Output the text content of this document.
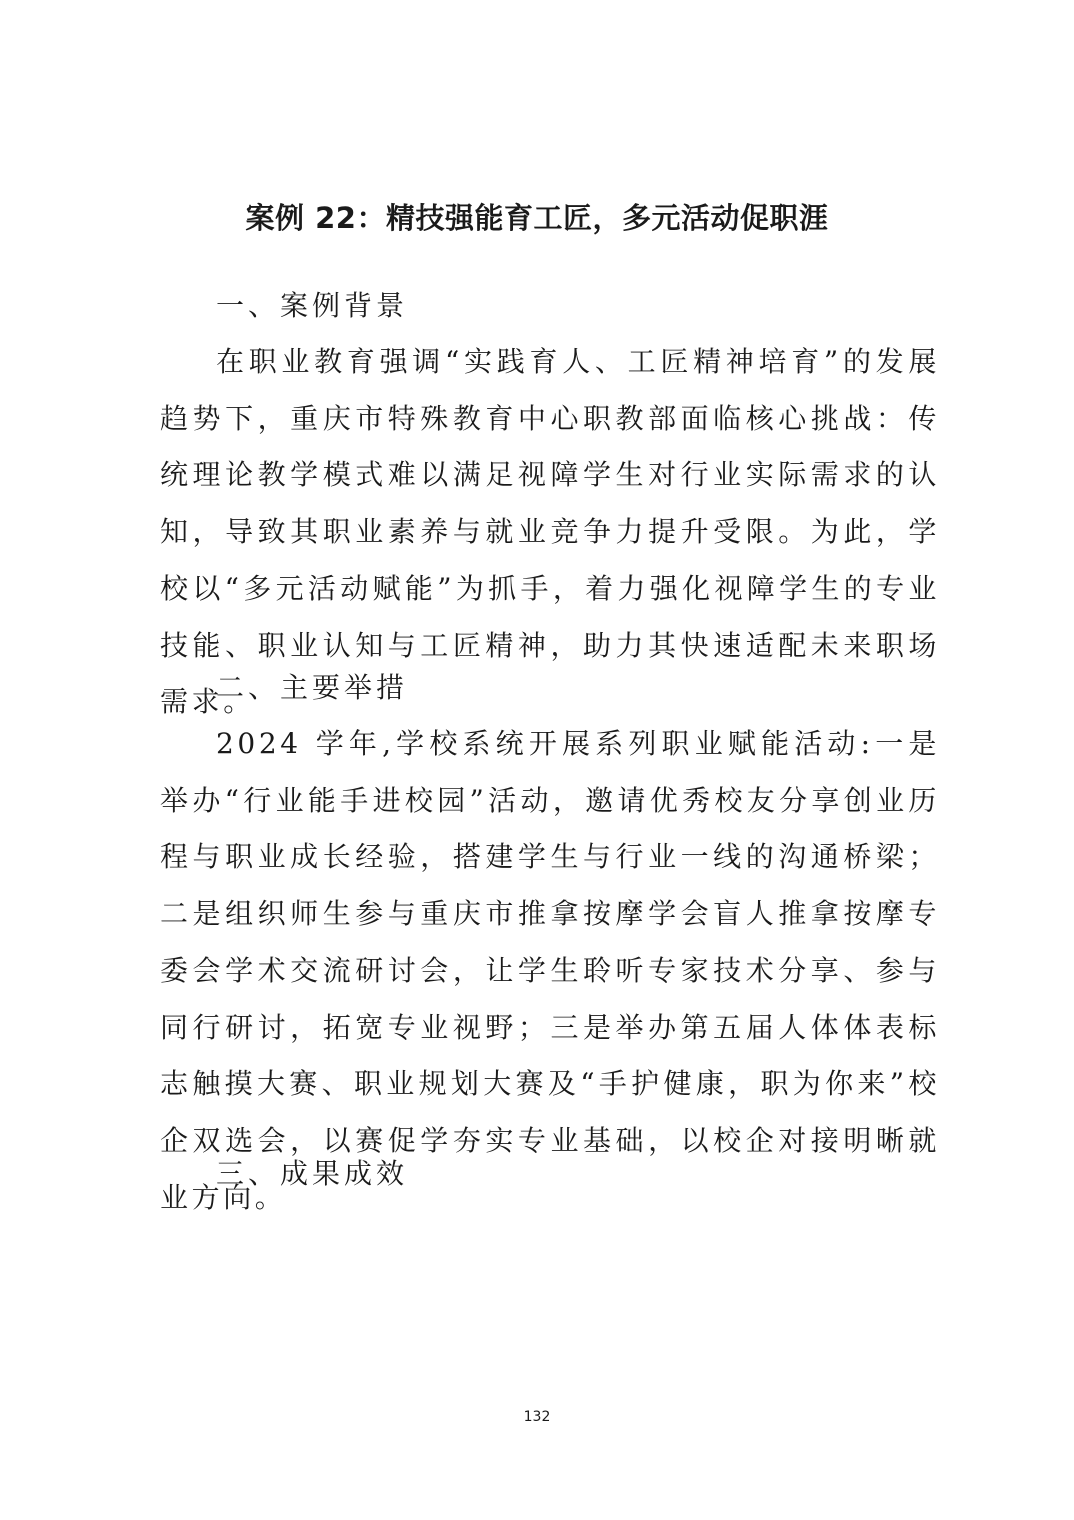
案例 22：精技强能育工匠，多元活动促职涯
一、案例背景
在职业教育强调“实践育人、工匠精神培育”的发展趋势下，重庆市特殊教育中心职教部面临核心挑战：传统理论教学模式难以满足视障学生对行业实际需求的认知，导致其职业素养与就业竞争力提升受限。为此，学校以“多元活动赋能”为抓手，着力强化视障学生的专业技能、职业认知与工匠精神，助力其快速适配未来职场需求。
二、主要举措
2024 学年,学校系统开展系列职业赋能活动:一是举办“行业能手进校园”活动，邀请优秀校友分享创业历程与职业成长经验，搭建学生与行业一线的沟通桥梁；二是组织师生参与重庆市推拿按摩学会盲人推拿按摩专委会学术交流研讨会，让学生聆听专家技术分享、参与同行研讨，拓宽专业视野；三是举办第五届人体体表标志触摸大赛、职业规划大赛及“手护健康，职为你来”校企双选会，以赛促学夯实专业基础，以校企对接明晰就业方向。
三、成果成效
132
